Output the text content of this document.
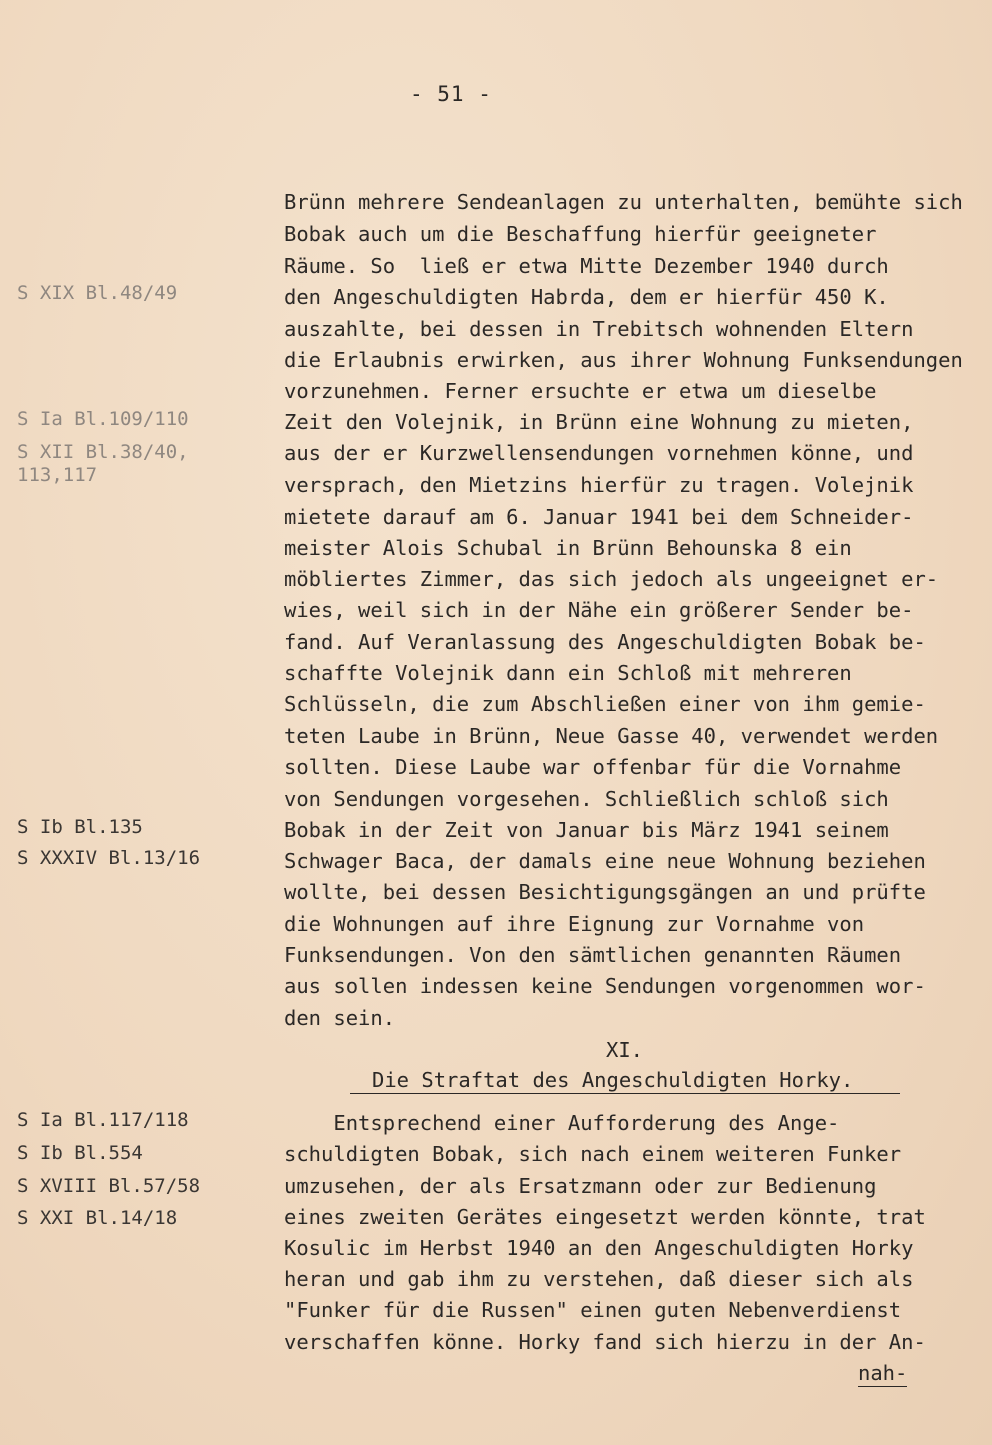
- 51 -
S XIX Bl.48/49
S Ia Bl.109/110
S XII Bl.38/40,
113,117
S Ib Bl.135
S XXXIV Bl.13/16
S Ia Bl.117/118
S Ib Bl.554
S XVIII Bl.57/58
S XXI Bl.14/18
Brünn mehrere Sendeanlagen zu unterhalten, bemühte sich
Bobak auch um die Beschaffung hierfür geeigneter
Räume. So  ließ er etwa Mitte Dezember 1940 durch
den Angeschuldigten Habrda, dem er hierfür 450 K.
auszahlte, bei dessen in Trebitsch wohnenden Eltern
die Erlaubnis erwirken, aus ihrer Wohnung Funksendungen
vorzunehmen. Ferner ersuchte er etwa um dieselbe
Zeit den Volejnik, in Brünn eine Wohnung zu mieten,
aus der er Kurzwellensendungen vornehmen könne, und
versprach, den Mietzins hierfür zu tragen. Volejnik
mietete darauf am 6. Januar 1941 bei dem Schneider-
meister Alois Schubal in Brünn Behounska 8 ein
möbliertes Zimmer, das sich jedoch als ungeeignet er-
wies, weil sich in der Nähe ein größerer Sender be-
fand. Auf Veranlassung des Angeschuldigten Bobak be-
schaffte Volejnik dann ein Schloß mit mehreren
Schlüsseln, die zum Abschließen einer von ihm gemie-
teten Laube in Brünn, Neue Gasse 40, verwendet werden
sollten. Diese Laube war offenbar für die Vornahme
von Sendungen vorgesehen. Schließlich schloß sich
Bobak in der Zeit von Januar bis März 1941 seinem
Schwager Baca, der damals eine neue Wohnung beziehen
wollte, bei dessen Besichtigungsgängen an und prüfte
die Wohnungen auf ihre Eignung zur Vornahme von
Funksendungen. Von den sämtlichen genannten Räumen
aus sollen indessen keine Sendungen vorgenommen wor-
den sein.
XI.
Die Straftat des Angeschuldigten Horky.
Entsprechend einer Aufforderung des Ange-
schuldigten Bobak, sich nach einem weiteren Funker
umzusehen, der als Ersatzmann oder zur Bedienung
eines zweiten Gerätes eingesetzt werden könnte, trat
Kosulic im Herbst 1940 an den Angeschuldigten Horky
heran und gab ihm zu verstehen, daß dieser sich als
"Funker für die Russen" einen guten Nebenverdienst
verschaffen könne. Horky fand sich hierzu in der An-
nah-
